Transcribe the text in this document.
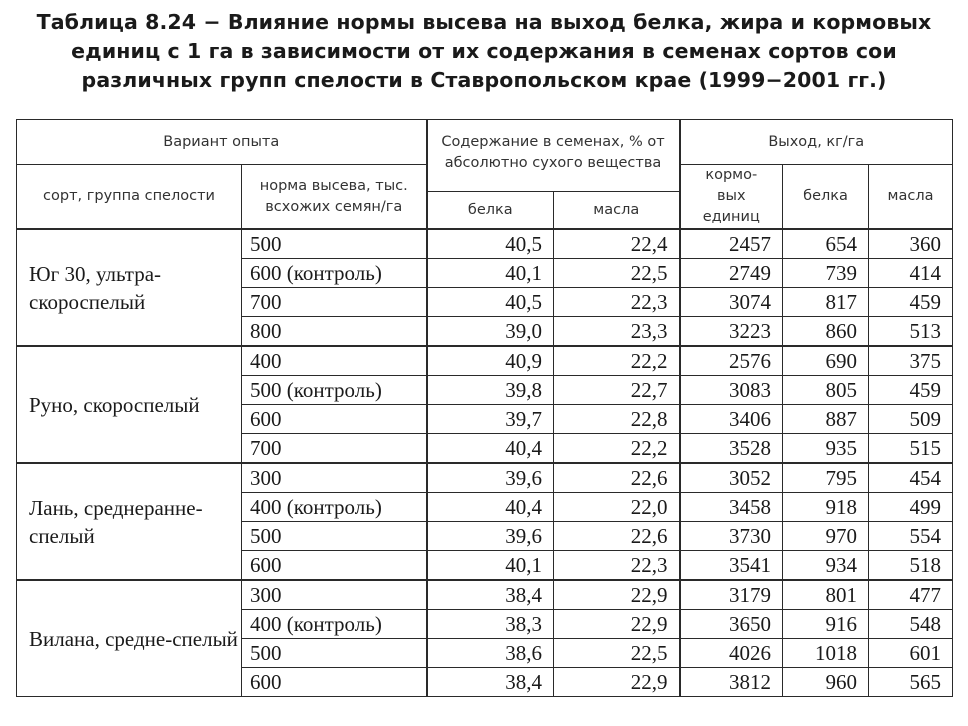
Таблица 8.24 − Влияние нормы высева на выход белка, жира и кормовых
единиц с 1 га в зависимости от их содержания в семенах сортов сои
различных групп спелости в Ставропольском крае (1999−2001 гг.)
Вариант опыта		Содержание в семенах, % от абсолютно сухого вещества		Выход, кг/га		
сорт, группа спелости	норма высева, тыс. всхожих семян/га			кормо- вых единиц	белка	масла
		белка	масла			
Юг 30, ультра-скороспелый	500	40,5	22,4	2457	654	360
	600 (контроль)	40,1	22,5	2749	739	414
	700	40,5	22,3	3074	817	459
	800	39,0	23,3	3223	860	513
Руно, скороспелый	400	40,9	22,2	2576	690	375
	500 (контроль)	39,8	22,7	3083	805	459
	600	39,7	22,8	3406	887	509
	700	40,4	22,2	3528	935	515
Лань, среднеранне-спелый	300	39,6	22,6	3052	795	454
	400 (контроль)	40,4	22,0	3458	918	499
	500	39,6	22,6	3730	970	554
	600	40,1	22,3	3541	934	518
Вилана, средне-спелый	300	38,4	22,9	3179	801	477
	400 (контроль)	38,3	22,9	3650	916	548
	500	38,6	22,5	4026	1018	601
	600	38,4	22,9	3812	960	565
